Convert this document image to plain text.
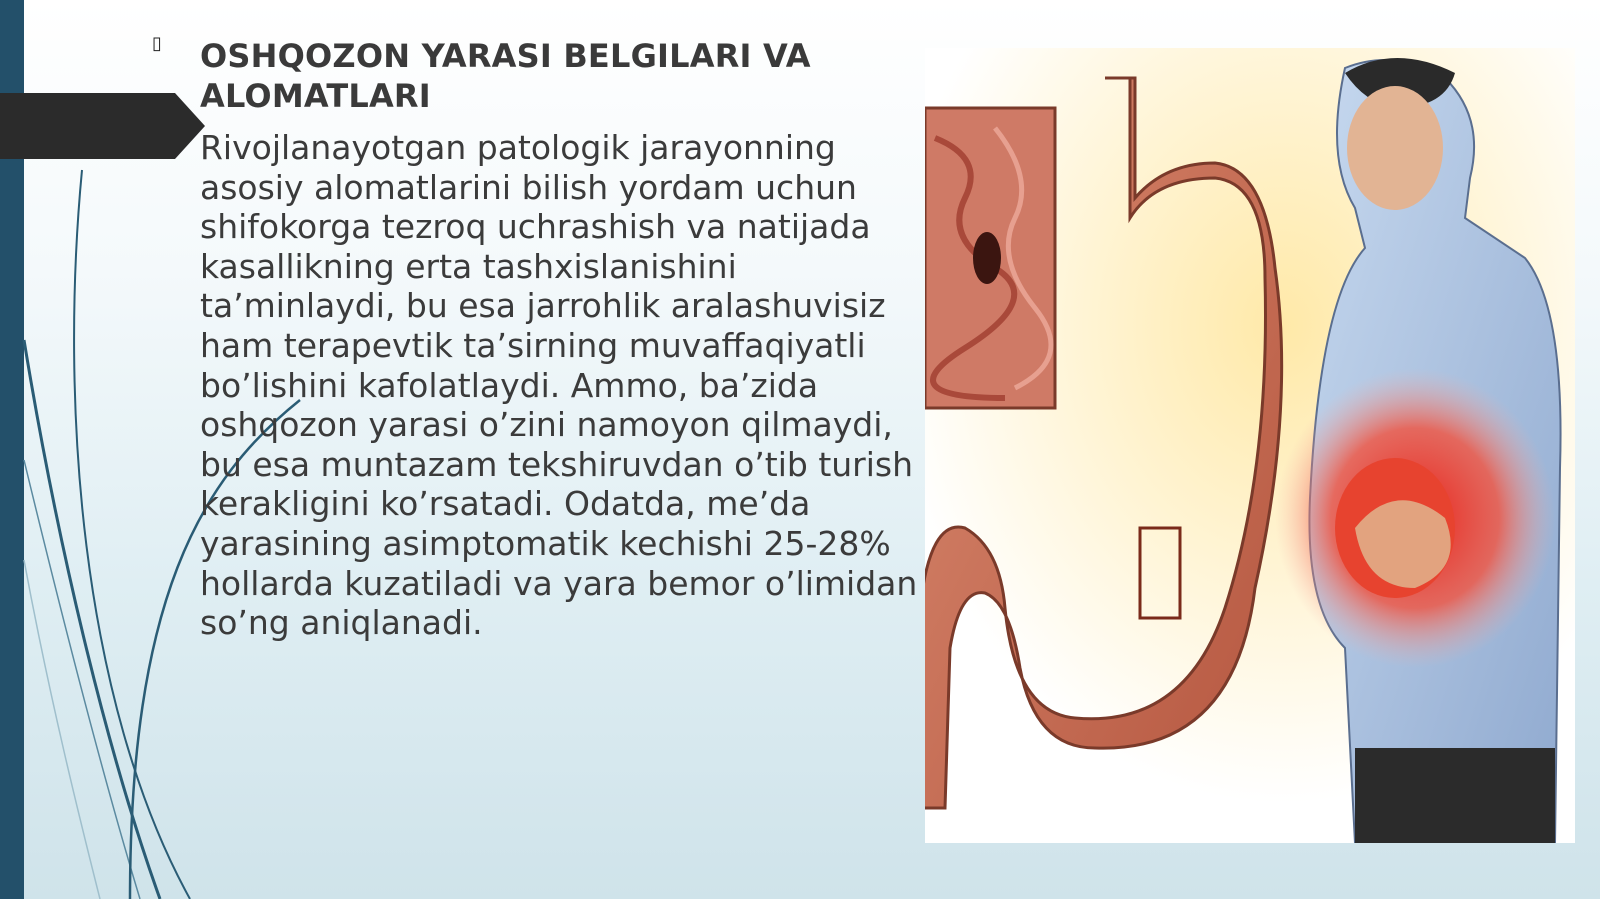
▯ OSHQOZON YARASI BELGILARI VA ALOMATLARI
Rivojlanayotgan patologik jarayonning asosiy alomatlarini bilish yordam uchun shifokorga tezroq uchrashish va natijada kasallikning erta tashxislanishini ta’minlaydi, bu esa jarrohlik aralashuvisiz ham terapevtik ta’sirning muvaffaqiyatli bo’lishini kafolatlaydi. Ammo, ba’zida oshqozon yarasi o’zini namoyon qilmaydi, bu esa muntazam tekshiruvdan o’tib turish kerakligini ko’rsatadi. Odatda, me’da yarasining asimptomatik kechishi 25-28% hollarda kuzatiladi va yara bemor o’limidan so’ng aniqlanadi.
